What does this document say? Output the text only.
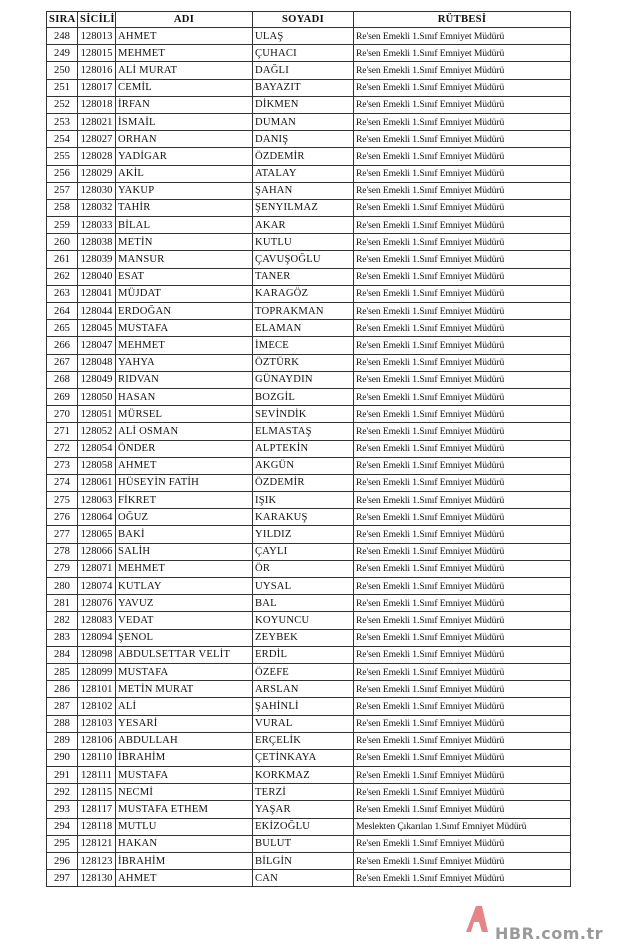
SIRA	SİCİLİ	ADI	SOYADI	RÜTBESİ
248	128013	AHMET	ULAŞ	Re'sen Emekli 1.Sınıf Emniyet Müdürü
249	128015	MEHMET	ÇUHACI	Re'sen Emekli 1.Sınıf Emniyet Müdürü
250	128016	ALİ MURAT	DAĞLI	Re'sen Emekli 1.Sınıf Emniyet Müdürü
251	128017	CEMİL	BAYAZIT	Re'sen Emekli 1.Sınıf Emniyet Müdürü
252	128018	İRFAN	DİKMEN	Re'sen Emekli 1.Sınıf Emniyet Müdürü
253	128021	İSMAİL	DUMAN	Re'sen Emekli 1.Sınıf Emniyet Müdürü
254	128027	ORHAN	DANIŞ	Re'sen Emekli 1.Sınıf Emniyet Müdürü
255	128028	YADİGAR	ÖZDEMİR	Re'sen Emekli 1.Sınıf Emniyet Müdürü
256	128029	AKİL	ATALAY	Re'sen Emekli 1.Sınıf Emniyet Müdürü
257	128030	YAKUP	ŞAHAN	Re'sen Emekli 1.Sınıf Emniyet Müdürü
258	128032	TAHİR	ŞENYILMAZ	Re'sen Emekli 1.Sınıf Emniyet Müdürü
259	128033	BİLAL	AKAR	Re'sen Emekli 1.Sınıf Emniyet Müdürü
260	128038	METİN	KUTLU	Re'sen Emekli 1.Sınıf Emniyet Müdürü
261	128039	MANSUR	ÇAVUŞOĞLU	Re'sen Emekli 1.Sınıf Emniyet Müdürü
262	128040	ESAT	TANER	Re'sen Emekli 1.Sınıf Emniyet Müdürü
263	128041	MÜJDAT	KARAGÖZ	Re'sen Emekli 1.Sınıf Emniyet Müdürü
264	128044	ERDOĞAN	TOPRAKMAN	Re'sen Emekli 1.Sınıf Emniyet Müdürü
265	128045	MUSTAFA	ELAMAN	Re'sen Emekli 1.Sınıf Emniyet Müdürü
266	128047	MEHMET	İMECE	Re'sen Emekli 1.Sınıf Emniyet Müdürü
267	128048	YAHYA	ÖZTÜRK	Re'sen Emekli 1.Sınıf Emniyet Müdürü
268	128049	RIDVAN	GÜNAYDIN	Re'sen Emekli 1.Sınıf Emniyet Müdürü
269	128050	HASAN	BOZGİL	Re'sen Emekli 1.Sınıf Emniyet Müdürü
270	128051	MÜRSEL	SEVİNDİK	Re'sen Emekli 1.Sınıf Emniyet Müdürü
271	128052	ALİ OSMAN	ELMASTAŞ	Re'sen Emekli 1.Sınıf Emniyet Müdürü
272	128054	ÖNDER	ALPTEKİN	Re'sen Emekli 1.Sınıf Emniyet Müdürü
273	128058	AHMET	AKGÜN	Re'sen Emekli 1.Sınıf Emniyet Müdürü
274	128061	HÜSEYİN FATİH	ÖZDEMİR	Re'sen Emekli 1.Sınıf Emniyet Müdürü
275	128063	FİKRET	IŞIK	Re'sen Emekli 1.Sınıf Emniyet Müdürü
276	128064	OĞUZ	KARAKUŞ	Re'sen Emekli 1.Sınıf Emniyet Müdürü
277	128065	BAKİ	YILDIZ	Re'sen Emekli 1.Sınıf Emniyet Müdürü
278	128066	SALİH	ÇAYLI	Re'sen Emekli 1.Sınıf Emniyet Müdürü
279	128071	MEHMET	ÖR	Re'sen Emekli 1.Sınıf Emniyet Müdürü
280	128074	KUTLAY	UYSAL	Re'sen Emekli 1.Sınıf Emniyet Müdürü
281	128076	YAVUZ	BAL	Re'sen Emekli 1.Sınıf Emniyet Müdürü
282	128083	VEDAT	KOYUNCU	Re'sen Emekli 1.Sınıf Emniyet Müdürü
283	128094	ŞENOL	ZEYBEK	Re'sen Emekli 1.Sınıf Emniyet Müdürü
284	128098	ABDULSETTAR VELİT	ERDİL	Re'sen Emekli 1.Sınıf Emniyet Müdürü
285	128099	MUSTAFA	ÖZEFE	Re'sen Emekli 1.Sınıf Emniyet Müdürü
286	128101	METİN MURAT	ARSLAN	Re'sen Emekli 1.Sınıf Emniyet Müdürü
287	128102	ALİ	ŞAHİNLİ	Re'sen Emekli 1.Sınıf Emniyet Müdürü
288	128103	YESARİ	VURAL	Re'sen Emekli 1.Sınıf Emniyet Müdürü
289	128106	ABDULLAH	ERÇELİK	Re'sen Emekli 1.Sınıf Emniyet Müdürü
290	128110	İBRAHİM	ÇETİNKAYA	Re'sen Emekli 1.Sınıf Emniyet Müdürü
291	128111	MUSTAFA	KORKMAZ	Re'sen Emekli 1.Sınıf Emniyet Müdürü
292	128115	NECMİ	TERZİ	Re'sen Emekli 1.Sınıf Emniyet Müdürü
293	128117	MUSTAFA ETHEM	YAŞAR	Re'sen Emekli 1.Sınıf Emniyet Müdürü
294	128118	MUTLU	EKİZOĞLU	Meslekten Çıkarılan 1.Sınıf Emniyet Müdürü
295	128121	HAKAN	BULUT	Re'sen Emekli 1.Sınıf Emniyet Müdürü
296	128123	İBRAHİM	BİLGİN	Re'sen Emekli 1.Sınıf Emniyet Müdürü
297	128130	AHMET	CAN	Re'sen Emekli 1.Sınıf Emniyet Müdürü
HBR.com.tr
